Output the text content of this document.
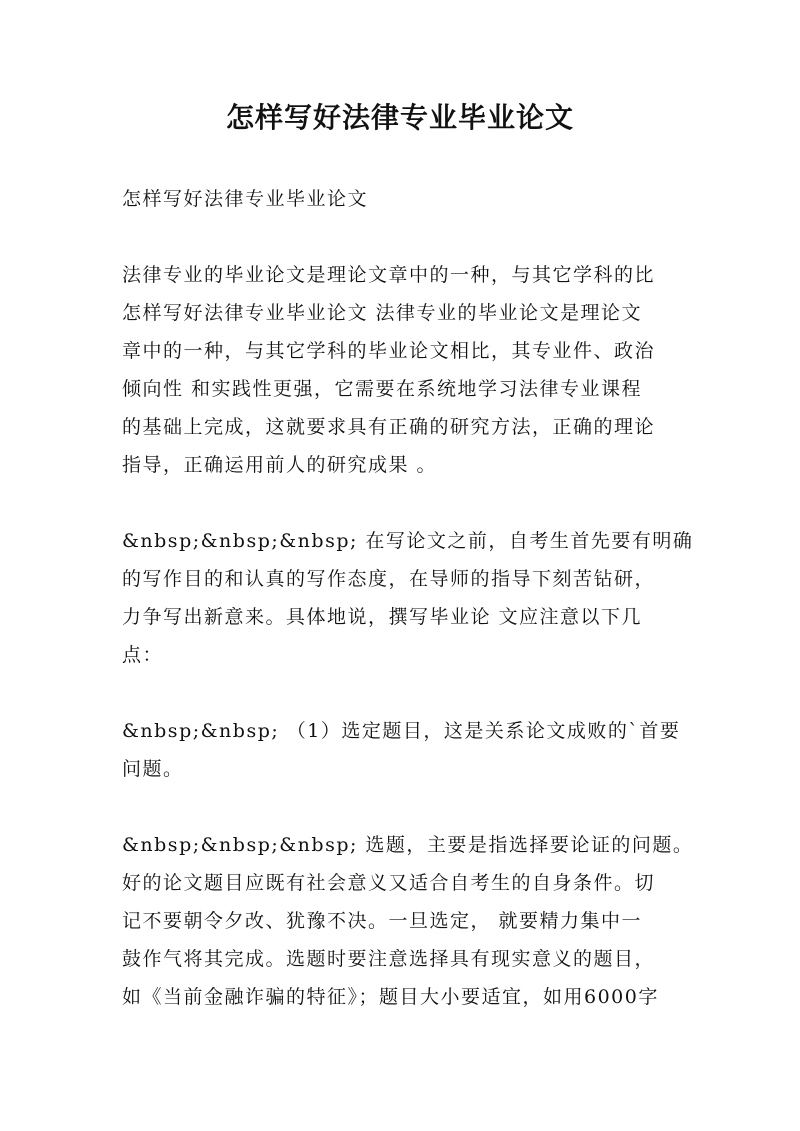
怎样写好法律专业毕业论文
怎样写好法律专业毕业论文
法律专业的毕业论文是理论文章中的一种，与其它学科的比
怎样写好法律专业毕业论文 法律专业的毕业论文是理论文
章中的一种，与其它学科的毕业论文相比，其专业件、政治
倾向性 和实践性更强，它需要在系统地学习法律专业课程
的基础上完成，这就要求具有正确的研究方法，正确的理论
指导，正确运用前人的研究成果 。
&nbsp;&nbsp;&nbsp; 在写论文之前，自考生首先要有明确
的写作目的和认真的写作态度，在导师的指导下刻苦钻研，
力争写出新意来。具体地说，撰写毕业论 文应注意以下几
点：
&nbsp;&nbsp; （1）选定题目，这是关系论文成败的`首要
问题。
&nbsp;&nbsp;&nbsp; 选题，主要是指选择要论证的问题。
好的论文题目应既有社会意义又适合自考生的自身条件。切
记不要朝令夕改、犹豫不决。一旦选定， 就要精力集中一
鼓作气将其完成。选题时要注意选择具有现实意义的题目，
如《当前金融诈骗的特征》；题目大小要适宜，如用6000字
